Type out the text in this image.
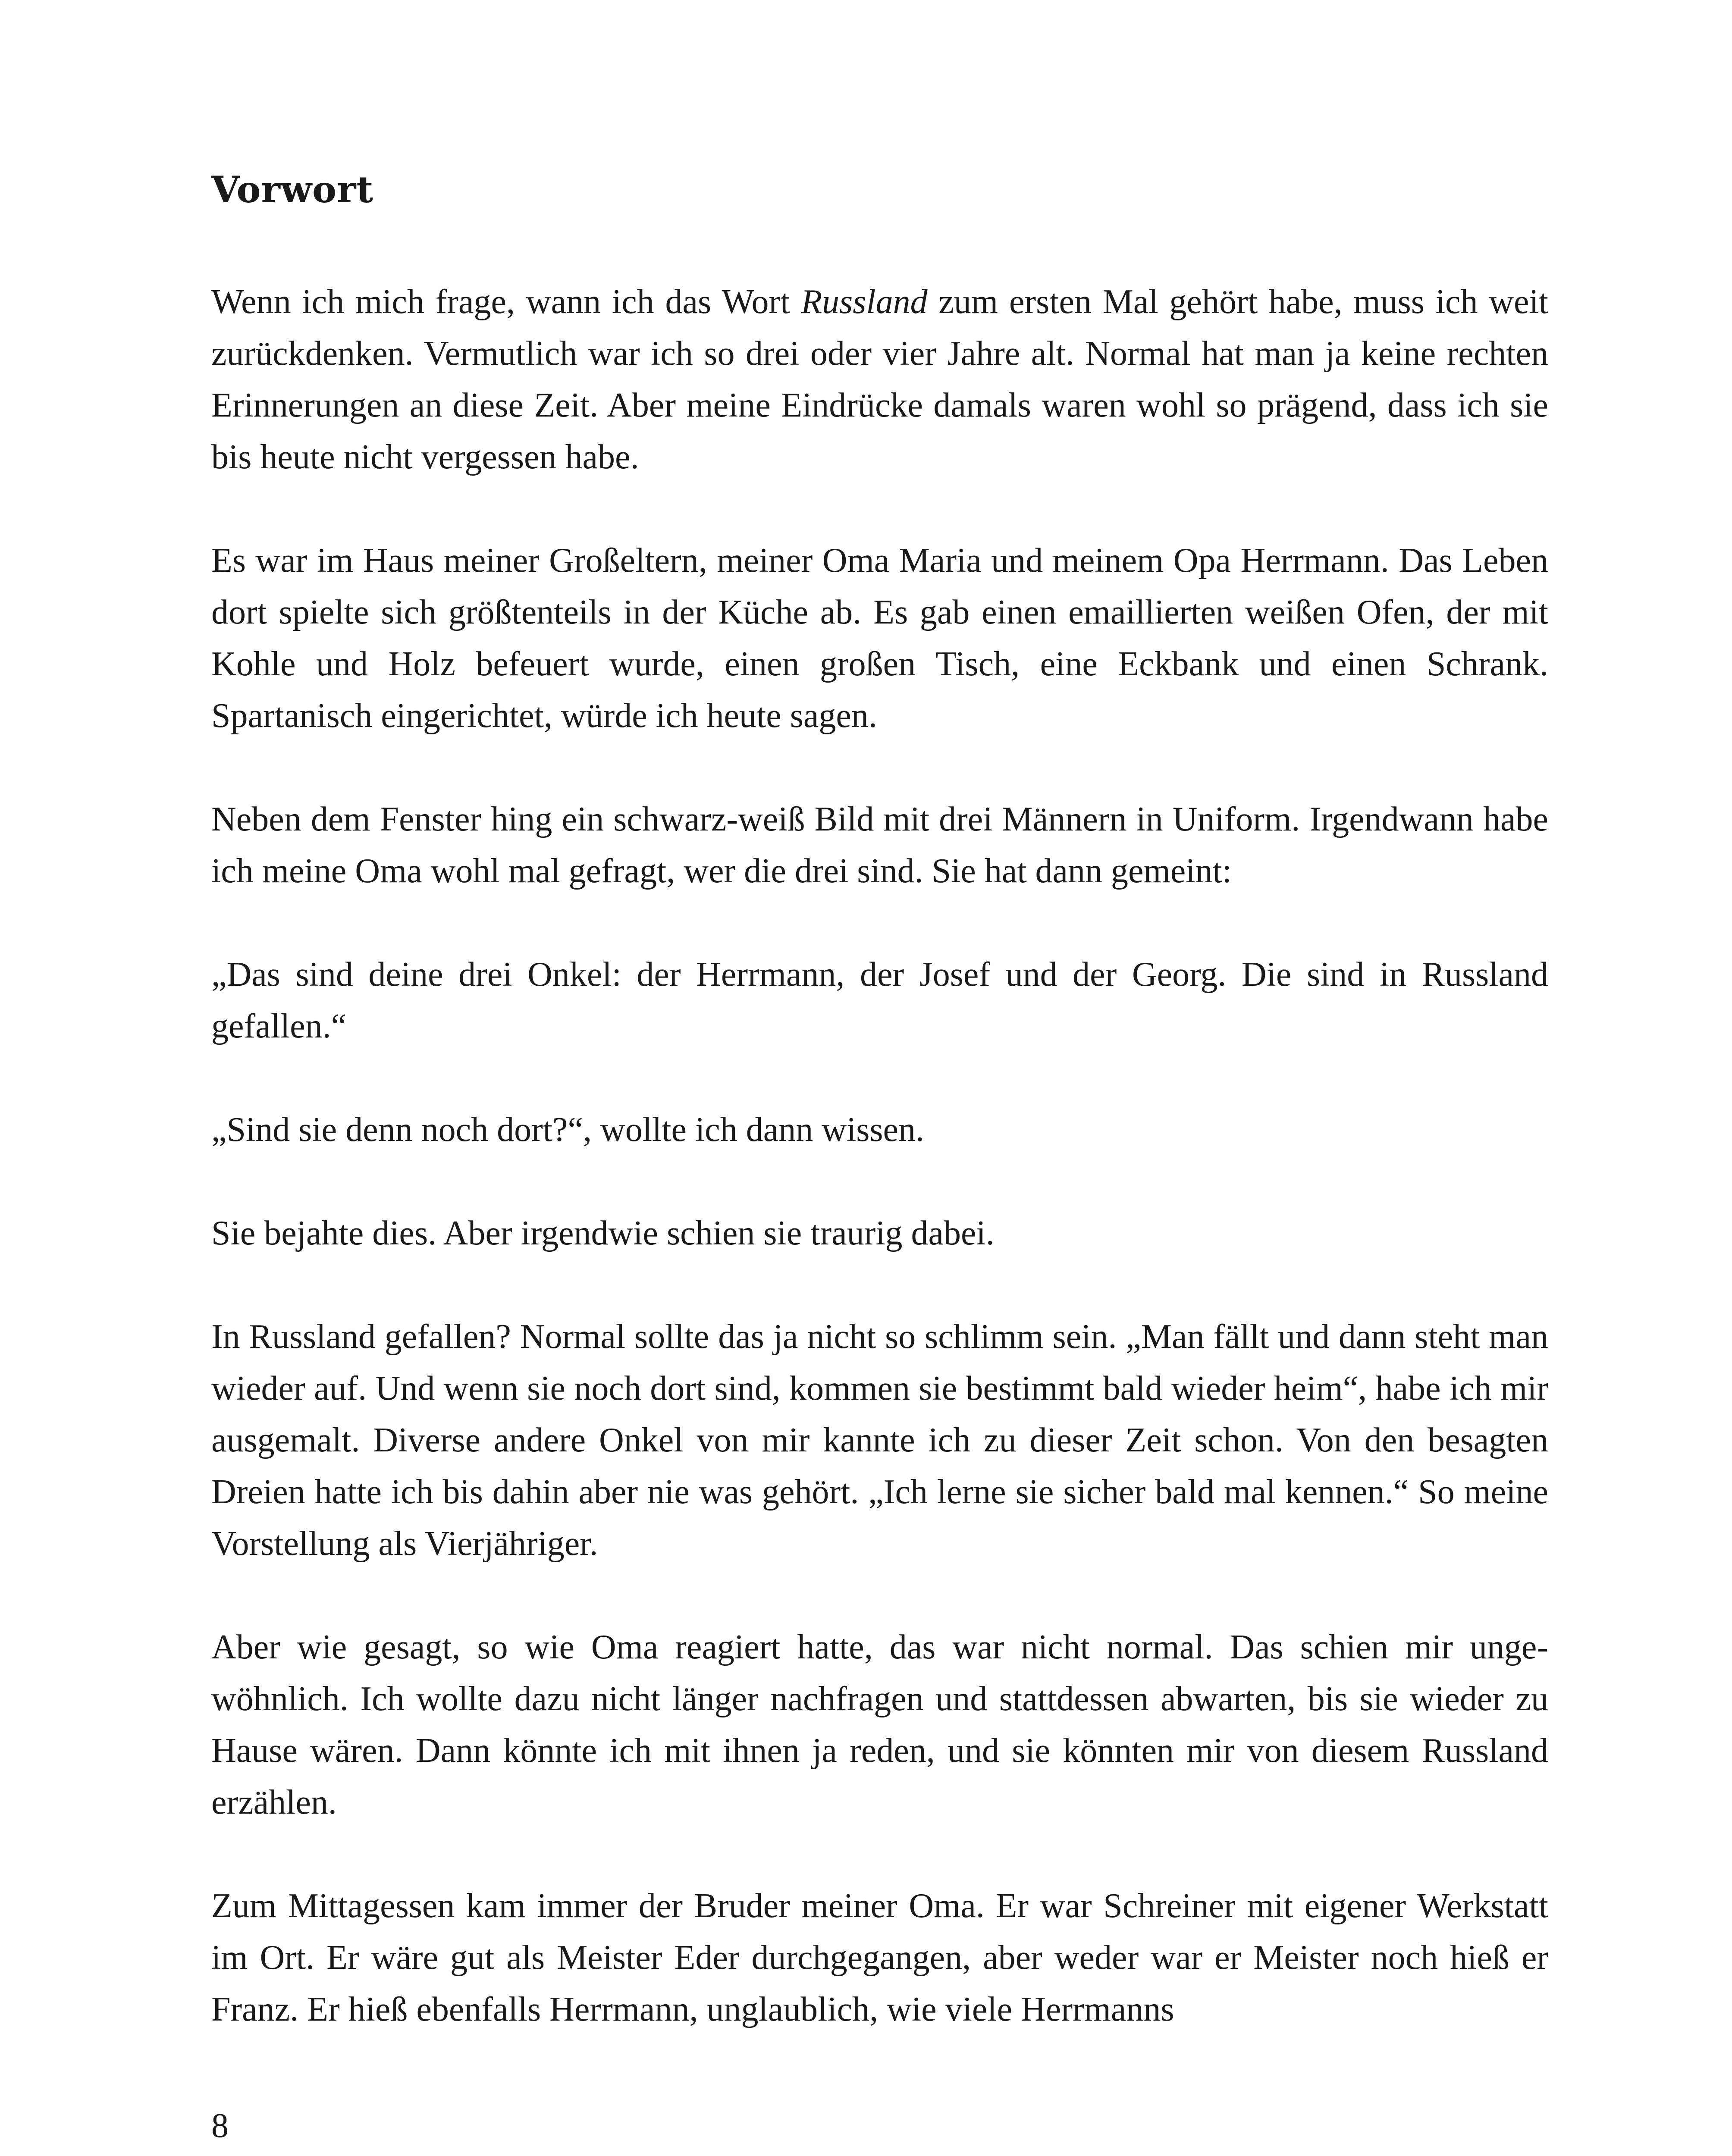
Vorwort

Wenn ich mich frage, wann ich das Wort Russland zum ersten Mal gehört habe, muss ich weit zurückdenken. Vermutlich war ich so drei oder vier Jahre alt. Normal hat man ja keine rechten Erinnerungen an diese Zeit. Aber meine Eindrücke damals waren wohl so prägend, dass ich sie bis heute nicht vergessen habe.

Es war im Haus meiner Großeltern, meiner Oma Maria und meinem Opa Herrmann. Das Leben dort spielte sich größtenteils in der Küche ab. Es gab einen emaillierten weißen Ofen, der mit Kohle und Holz befeuert wurde, einen großen Tisch, eine Eckbank und einen Schrank. Spartanisch eingerichtet, würde ich heute sagen.

Neben dem Fenster hing ein schwarz-weiß Bild mit drei Männern in Uniform. Irgendwann habe ich meine Oma wohl mal gefragt, wer die drei sind. Sie hat dann gemeint:

„Das sind deine drei Onkel: der Herrmann, der Josef und der Georg. Die sind in Russland gefallen.“

„Sind sie denn noch dort?“, wollte ich dann wissen.

Sie bejahte dies. Aber irgendwie schien sie traurig dabei.

In Russland gefallen? Normal sollte das ja nicht so schlimm sein. „Man fällt und dann steht man wieder auf. Und wenn sie noch dort sind, kommen sie bestimmt bald wieder heim“, habe ich mir ausgemalt. Diverse andere Onkel von mir kannte ich zu dieser Zeit schon. Von den besagten Dreien hatte ich bis dahin aber nie was gehört. „Ich lerne sie sicher bald mal kennen.“ So meine Vorstellung als Vierjähriger.

Aber wie gesagt, so wie Oma reagiert hatte, das war nicht normal. Das schien mir ungewöhnlich. Ich wollte dazu nicht länger nachfragen und stattdessen abwarten, bis sie wieder zu Hause wären. Dann könnte ich mit ihnen ja reden, und sie könnten mir von diesem Russland erzählen.

Zum Mittagessen kam immer der Bruder meiner Oma. Er war Schreiner mit eigener Werkstatt im Ort. Er wäre gut als Meister Eder durchgegangen, aber weder war er Meister noch hieß er Franz. Er hieß ebenfalls Herrmann, unglaublich, wie viele Herrmanns

8
